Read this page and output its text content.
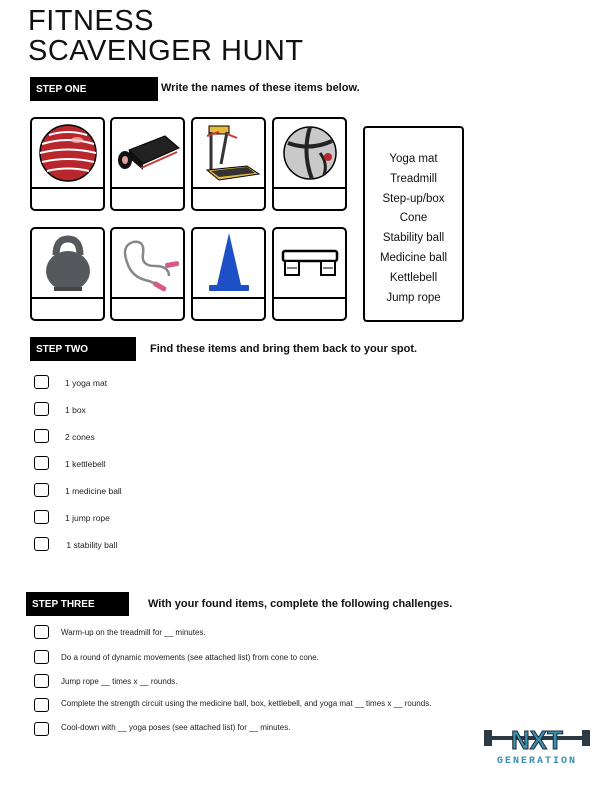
FITNESS
SCAVENGER HUNT
STEP ONE	Write the names of these items below.
Yoga mat
Treadmill
Step-up/box
Cone
Stability ball
Medicine ball
Kettlebell
Jump rope
STEP TWO	Find these items and bring them back to your spot.
1 yoga mat
1 box
2 cones
1 kettlebell
1 medicine ball
1 jump rope
1 stability ball
STEP THREE	With your found items, complete the following challenges.
Warm-up on the treadmill for __ minutes.
Do a round of dynamic movements (see attached list) from cone to cone.
Jump rope __ times x __ rounds.
Complete the strength circuit using the medicine ball, box, kettlebell, and yoga mat __ times x __ rounds.
Cool-down with __ yoga poses (see attached list) for __ minutes.	NXT
GENERATION
